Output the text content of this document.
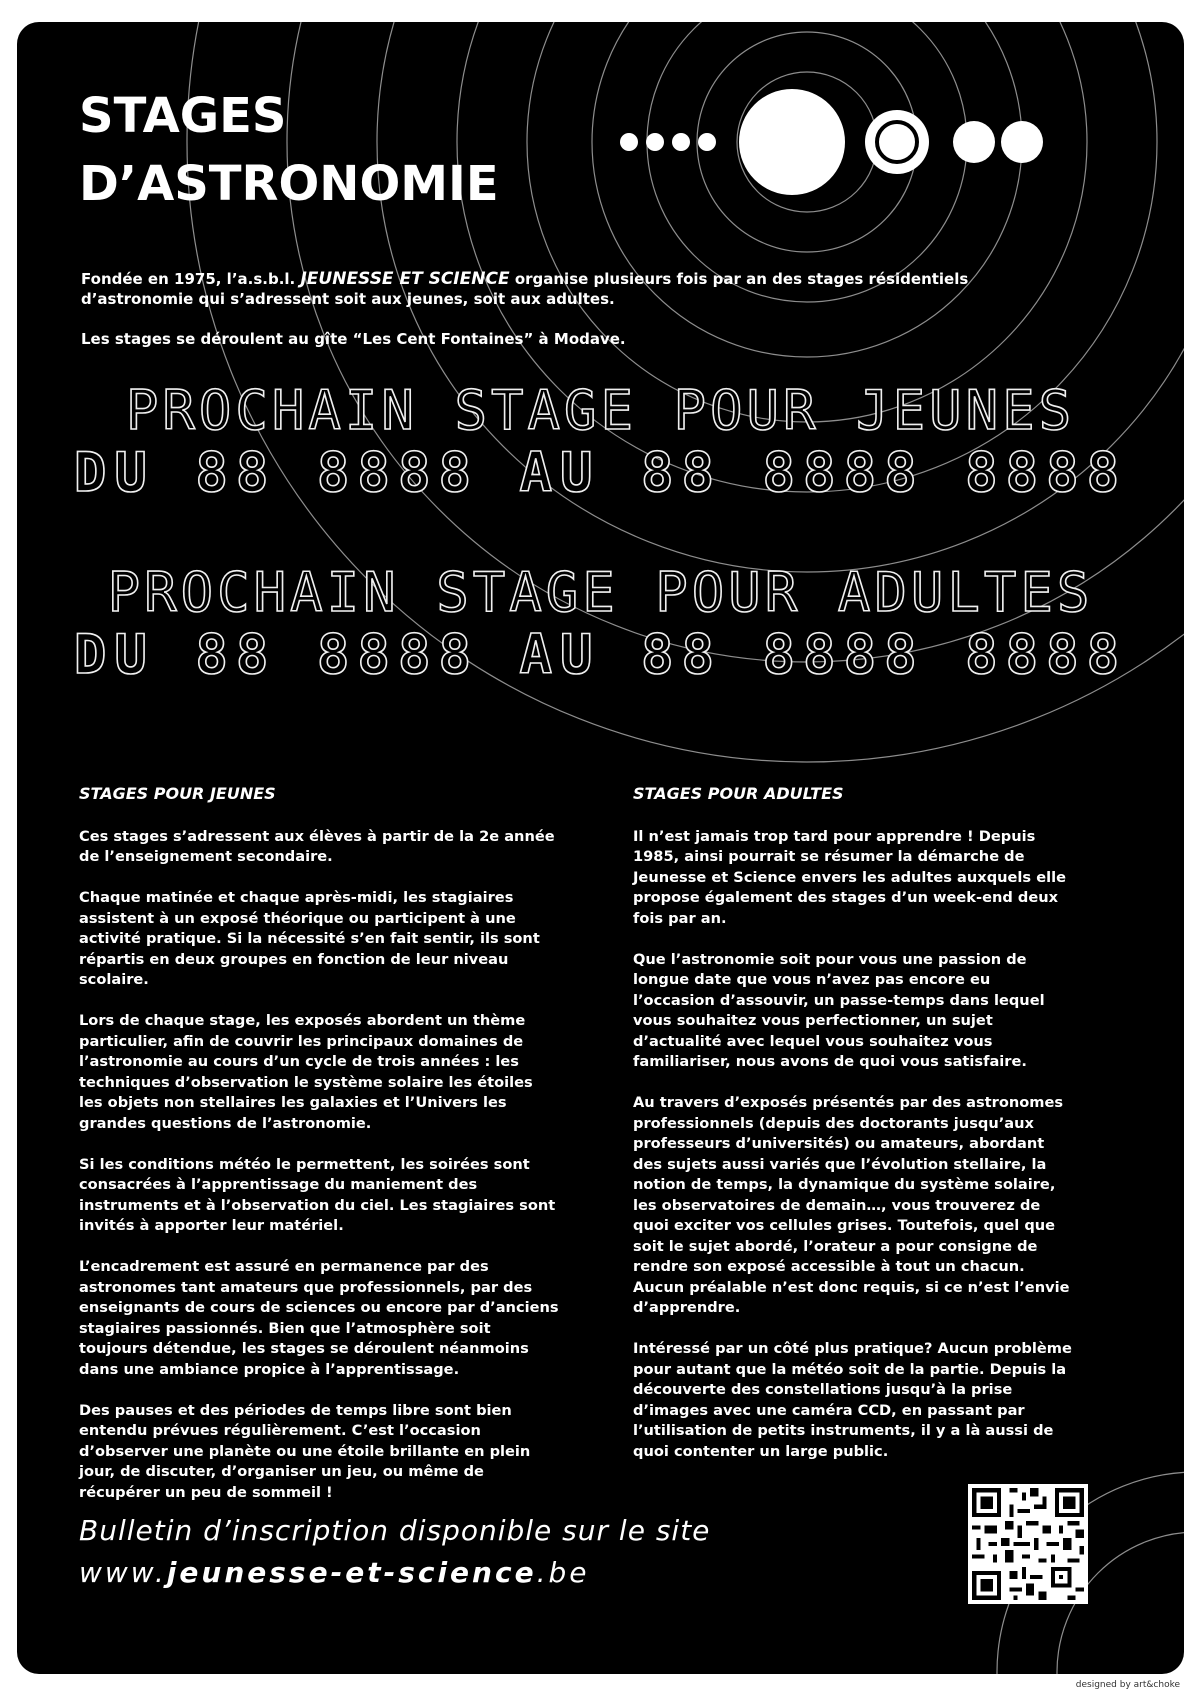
STAGES
D’ASTRONOMIE

Fondée en 1975, l’a.s.b.l. JEUNESSE ET SCIENCE organise plusieurs fois par an des stages résidentiels d’astronomie qui s’adressent soit aux jeunes, soit aux adultes.

Les stages se déroulent au gîte “Les Cent Fontaines” à Modave.

PROCHAIN STAGE POUR JEUNES
DU 88 8888 AU 88 8888 8888
PROCHAIN STAGE POUR ADULTES
DU 88 8888 AU 88 8888 8888
STAGES POUR JEUNES

Ces stages s’adressent aux élèves à partir de la 2e année de l’enseignement secondaire.

Chaque matinée et chaque après-midi, les stagiaires assistent à un exposé théorique ou participent à une activité pratique. Si la nécessité s’en fait sentir, ils sont répartis en deux groupes en fonction de leur niveau scolaire.

Lors de chaque stage, les exposés abordent un thème particulier, afin de couvrir les principaux domaines de l’astronomie au cours d’un cycle de trois années : les techniques d’observation le système solaire les étoiles les objets non stellaires les galaxies et l’Univers les grandes questions de l’astronomie.

Si les conditions météo le permettent, les soirées sont consacrées à l’apprentissage du maniement des instruments et à l’observation du ciel. Les stagiaires sont invités à apporter leur matériel.

L’encadrement est assuré en permanence par des astronomes tant amateurs que professionnels, par des enseignants de cours de sciences ou encore par d’anciens stagiaires passionnés. Bien que l’atmosphère soit toujours détendue, les stages se déroulent néanmoins dans une ambiance propice à l’apprentissage.

Des pauses et des périodes de temps libre sont bien entendu prévues régulièrement. C’est l’occasion d’observer une planète ou une étoile brillante en plein jour, de discuter, d’organiser un jeu, ou même de récupérer un peu de sommeil !

STAGES POUR ADULTES

Il n’est jamais trop tard pour apprendre ! Depuis 1985, ainsi pourrait se résumer la démarche de Jeunesse et Science envers les adultes auxquels elle propose également des stages d’un week-end deux fois par an.

Que l’astronomie soit pour vous une passion de longue date que vous n’avez pas encore eu l’occasion d’assouvir, un passe-temps dans lequel vous souhaitez vous perfectionner, un sujet d’actualité avec lequel vous souhaitez vous familiariser, nous avons de quoi vous satisfaire.

Au travers d’exposés présentés par des astronomes professionnels (depuis des doctorants jusqu’aux professeurs d’universités) ou amateurs, abordant des sujets aussi variés que l’évolution stellaire, la notion de temps, la dynamique du système solaire, les observatoires de demain…, vous trouverez de quoi exciter vos cellules grises. Toutefois, quel que soit le sujet abordé, l’orateur a pour consigne de rendre son exposé accessible à tout un chacun. Aucun préalable n’est donc requis, si ce n’est l’envie d’apprendre.

Intéressé par un côté plus pratique? Aucun problème pour autant que la météo soit de la partie. Depuis la découverte des constellations jusqu’à la prise d’images avec une caméra CCD, en passant par l’utilisation de petits instruments, il y a là aussi de quoi contenter un large public.

Bulletin d’inscription disponible sur le site
www.jeunesse-et-science.be
designed by art&choke
